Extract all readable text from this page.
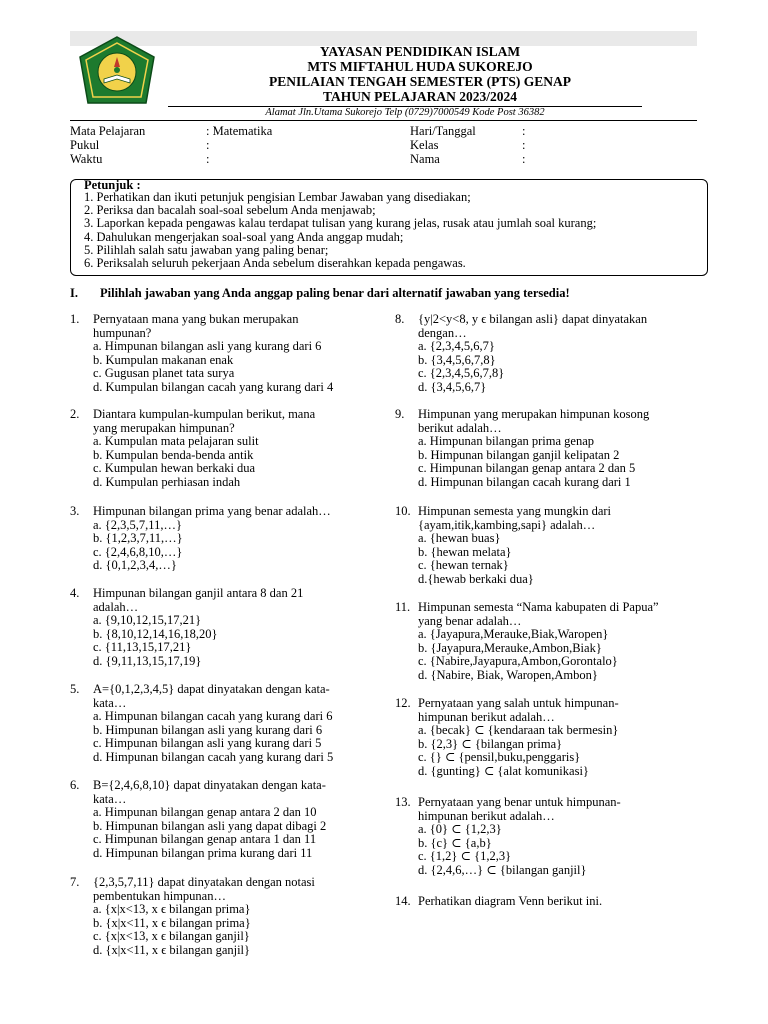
YAYASAN PENDIDIKAN ISLAM
MTS MIFTAHUL HUDA SUKOREJO
PENILAIAN TENGAH SEMESTER (PTS) GENAP
TAHUN PELAJARAN 2023/2024
Alamat Jln.Utama Sukorejo Telp (0729)7000549 Kode Post 36382
Mata Pelajaran
Pukul
Waktu
: Matematika
:
:
Hari/Tanggal
Kelas
Nama
:
:
:
Petunjuk :
1. Perhatikan dan ikuti petunjuk pengisian Lembar Jawaban yang disediakan;
2. Periksa dan bacalah soal-soal sebelum Anda menjawab;
3. Laporkan kepada pengawas kalau terdapat tulisan yang kurang jelas, rusak atau jumlah soal kurang;
4. Dahulukan mengerjakan soal-soal yang Anda anggap mudah;
5. Pilihlah salah satu jawaban yang paling benar;
6. Periksalah seluruh pekerjaan Anda sebelum diserahkan kepada pengawas.
I. Pilihlah jawaban yang Anda anggap paling benar dari alternatif jawaban yang tersedia!
1. Pernyataan mana yang bukan merupakan
humpunan?
a. Himpunan bilangan asli yang kurang dari 6
b. Kumpulan makanan enak
c. Gugusan planet tata surya
d. Kumpulan bilangan cacah yang kurang dari 4
2. Diantara kumpulan-kumpulan berikut, mana
yang merupakan himpunan?
a. Kumpulan mata pelajaran sulit
b. Kumpulan benda-benda antik
c. Kumpulan hewan berkaki dua
d. Kumpulan perhiasan indah
3. Himpunan bilangan prima yang benar adalah…
a. {2,3,5,7,11,…}
b. {1,2,3,7,11,…}
c. {2,4,6,8,10,…}
d. {0,1,2,3,4,…}
4. Himpunan bilangan ganjil antara 8 dan 21
adalah…
a. {9,10,12,15,17,21}
b. {8,10,12,14,16,18,20}
c. {11,13,15,17,21}
d. {9,11,13,15,17,19}
5. A={0,1,2,3,4,5} dapat dinyatakan dengan kata-
kata…
a. Himpunan bilangan cacah yang kurang dari 6
b. Himpunan bilangan asli yang kurang dari 6
c. Himpunan bilangan asli yang kurang dari 5
d. Himpunan bilangan cacah yang kurang dari 5
6. B={2,4,6,8,10} dapat dinyatakan dengan kata-
kata…
a. Himpunan bilangan genap antara 2 dan 10
b. Himpunan bilangan asli yang dapat dibagi 2
c. Himpunan bilangan genap antara 1 dan 11
d. Himpunan bilangan prima kurang dari 11
7. {2,3,5,7,11} dapat dinyatakan dengan notasi
pembentukan himpunan…
a. {x|x<13, x ϵ bilangan prima}
b. {x|x<11, x ϵ bilangan prima}
c. {x|x<13, x ϵ bilangan ganjil}
d. {x|x<11, x ϵ bilangan ganjil}
8. {y|2<y<8, y ϵ bilangan asli} dapat dinyatakan
dengan…
a. {2,3,4,5,6,7}
b. {3,4,5,6,7,8}
c. {2,3,4,5,6,7,8}
d. {3,4,5,6,7}
9. Himpunan yang merupakan himpunan kosong
berikut adalah…
a. Himpunan bilangan prima genap
b. Himpunan bilangan ganjil kelipatan 2
c. Himpunan bilangan genap antara 2 dan 5
d. Himpunan bilangan cacah kurang dari 1
10. Himpunan semesta yang mungkin dari
{ayam,itik,kambing,sapi} adalah…
a. {hewan buas}
b. {hewan melata}
c. {hewan ternak}
d.{hewab berkaki dua}
11. Himpunan semesta “Nama kabupaten di Papua”
yang benar adalah…
a. {Jayapura,Merauke,Biak,Waropen}
b. {Jayapura,Merauke,Ambon,Biak}
c. {Nabire,Jayapura,Ambon,Gorontalo}
d. {Nabire, Biak, Waropen,Ambon}
12. Pernyataan yang salah untuk himpunan-
himpunan berikut adalah…
a. {becak} ⊂ {kendaraan tak bermesin}
b. {2,3} ⊂ {bilangan prima}
c. {} ⊂ {pensil,buku,penggaris}
d. {gunting} ⊂ {alat komunikasi}
13. Pernyataan yang benar untuk himpunan-
himpunan berikut adalah…
a. {0} ⊂ {1,2,3}
b. {c} ⊂ {a,b}
c. {1,2} ⊂ {1,2,3}
d. {2,4,6,…} ⊂ {bilangan ganjil}
14. Perhatikan diagram Venn berikut ini.
